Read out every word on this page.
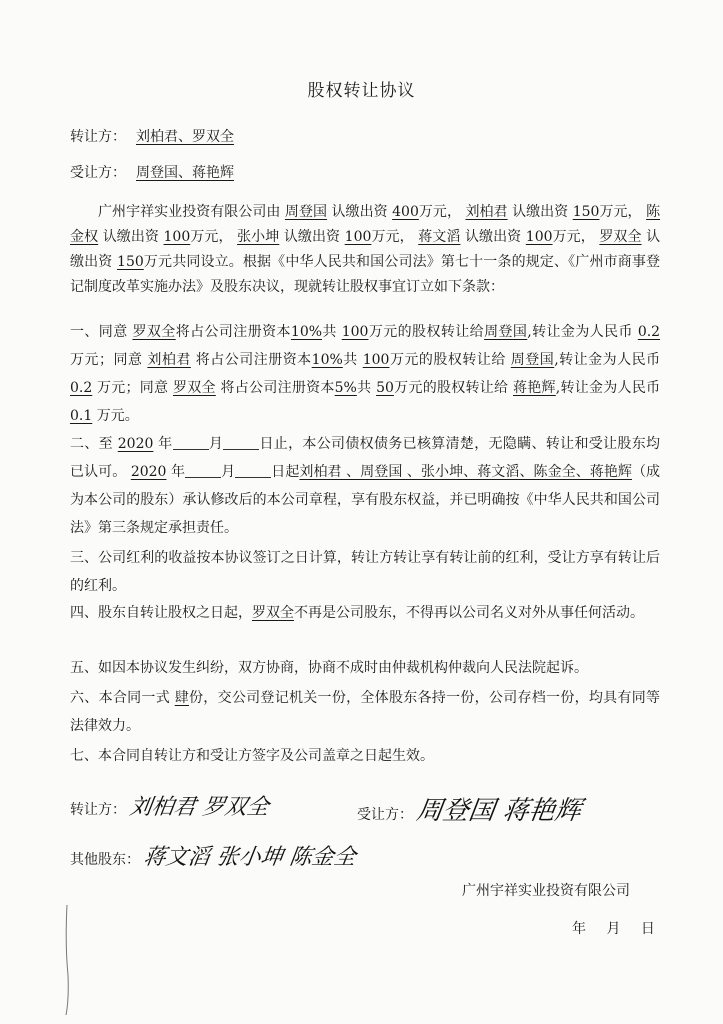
股权转让协议
转让方： 刘柏君、罗双全
受让方： 周登国、蒋艳辉
广州宇祥实业投资有限公司由 周登国 认缴出资 400万元， 刘柏君 认缴出资 150万元， 陈金权 认缴出资 100万元， 张小坤 认缴出资 100万元， 蒋文滔 认缴出资 100万元， 罗双全 认缴出资 150万元共同设立。根据《中华人民共和国公司法》第七十一条的规定、《广州市商事登记制度改革实施办法》及股东决议，现就转让股权事宜订立如下条款：
一、同意 罗双全将占公司注册资本10%共 100万元的股权转让给周登国,转让金为人民币 0.2 万元；同意 刘柏君 将占公司注册资本10%共 100万元的股权转让给 周登国,转让金为人民币 0.2 万元；同意 罗双全 将占公司注册资本5%共 50万元的股权转让给 蒋艳辉,转让金为人民币 0.1 万元。
二、至 2020 年	月	日止，本公司债权债务已核算清楚，无隐瞒、转让和受让股东均已认可。 2020 年	月	日起刘柏君 、周登国 、张小坤、蒋文滔、陈金全、蒋艳辉（成为本公司的股东）承认修改后的本公司章程，享有股东权益，并已明确按《中华人民共和国公司法》第三条规定承担责任。
三、公司红利的收益按本协议签订之日计算，转让方转让享有转让前的红利，受让方享有转让后的红利。
四、股东自转让股权之日起，罗双全不再是公司股东，不得再以公司名义对外从事任何活动。
五、如因本协议发生纠纷，双方协商，协商不成时由仲裁机构仲裁向人民法院起诉。
六、本合同一式 肆份，交公司登记机关一份，全体股东各持一份，公司存档一份，均具有同等法律效力。
七、本合同自转让方和受让方签字及公司盖章之日起生效。
转让方： 刘柏君 罗双全	受让方： 周登国 蒋艳辉
其他股东： 蒋文滔 张小坤 陈金全
广州宇祥实业投资有限公司
年 月 日
